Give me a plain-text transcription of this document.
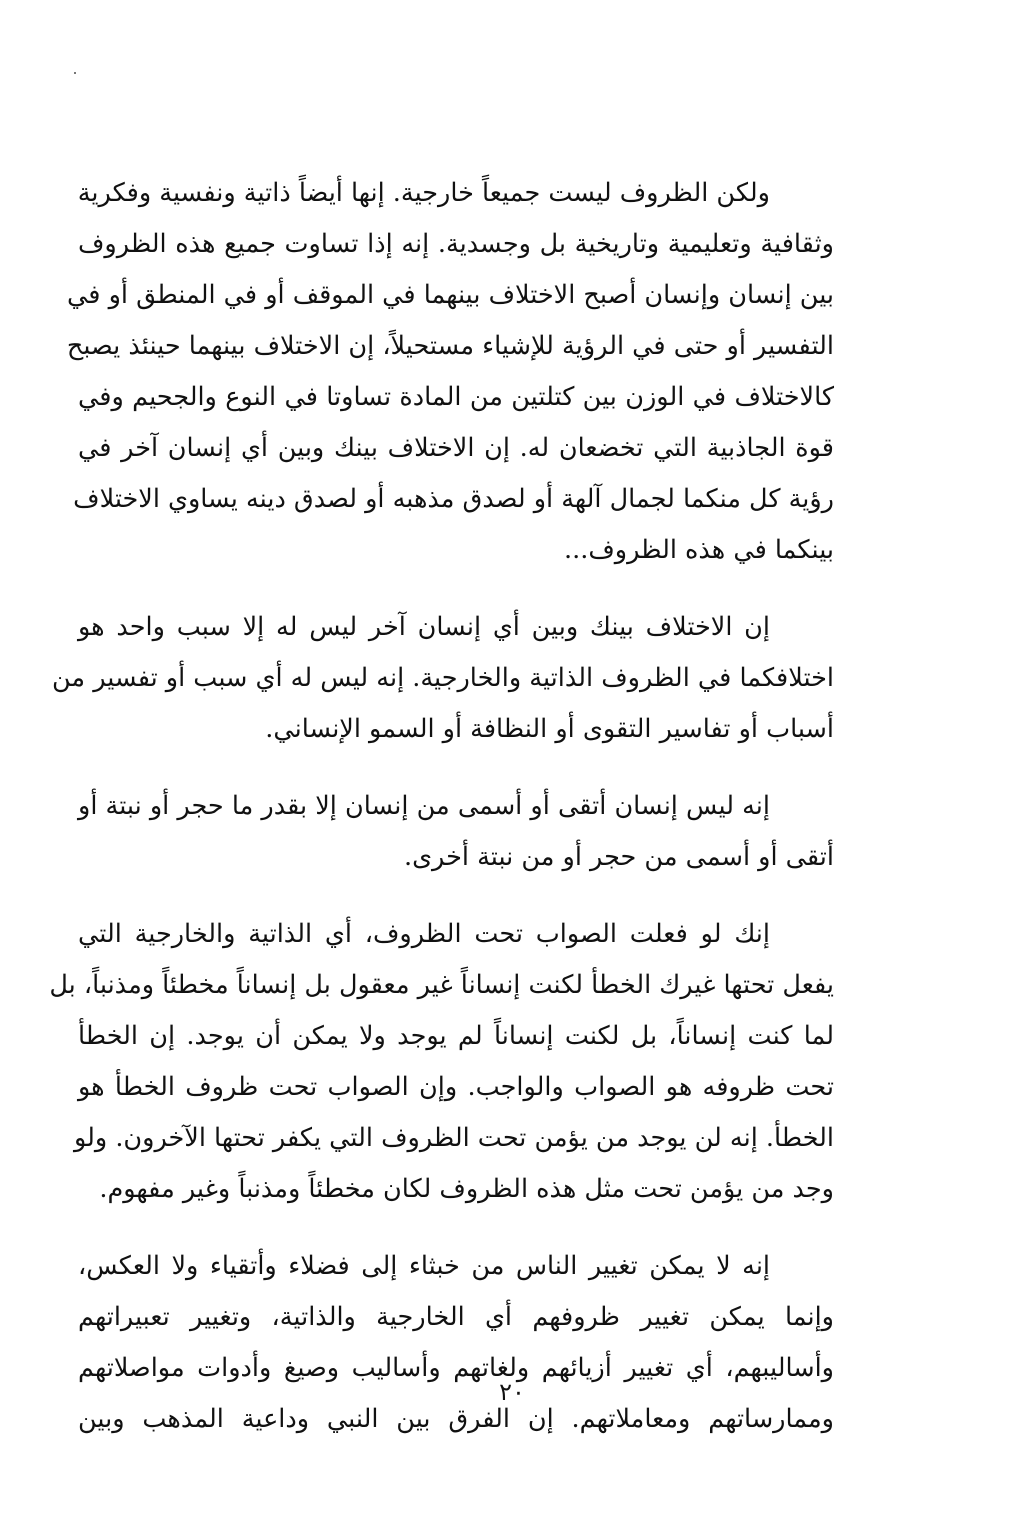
ولكن الظروف ليست جميعاً خارجية. إنها أيضاً ذاتية ونفسية وفكرية
وثقافية وتعليمية وتاريخية بل وجسدية. إنه إذا تساوت جميع هذه الظروف
بين إنسان وإنسان أصبح الاختلاف بينهما في الموقف أو في المنطق أو في
التفسير أو حتى في الرؤية للإشياء مستحيلاً، إن الاختلاف بينهما حينئذ يصبح
كالاختلاف في الوزن بين كتلتين من المادة تساوتا في النوع والجحيم وفي
قوة الجاذبية التي تخضعان له. إن الاختلاف بينك وبين أي إنسان آخر في
رؤية كل منكما لجمال آلهة أو لصدق مذهبه أو لصدق دينه يساوي الاختلاف
بينكما في هذه الظروف...
إن الاختلاف بينك وبين أي إنسان آخر ليس له إلا سبب واحد هو
اختلافكما في الظروف الذاتية والخارجية. إنه ليس له أي سبب أو تفسير من
أسباب أو تفاسير التقوى أو النظافة أو السمو الإنساني.
إنه ليس إنسان أتقى أو أسمى من إنسان إلا بقدر ما حجر أو نبتة أو
أتقى أو أسمى من حجر أو من نبتة أخرى.
إنك لو فعلت الصواب تحت الظروف، أي الذاتية والخارجية التي
يفعل تحتها غيرك الخطأ لكنت إنساناً غير معقول بل إنساناً مخطئاً ومذنباً، بل
لما كنت إنساناً، بل لكنت إنساناً لم يوجد ولا يمكن أن يوجد. إن الخطأ
تحت ظروفه هو الصواب والواجب. وإن الصواب تحت ظروف الخطأ هو
الخطأ. إنه لن يوجد من يؤمن تحت الظروف التي يكفر تحتها الآخرون. ولو
وجد من يؤمن تحت مثل هذه الظروف لكان مخطئاً ومذنباً وغير مفهوم.
إنه لا يمكن تغيير الناس من خبثاء إلى فضلاء وأتقياء ولا العكس،
وإنما يمكن تغيير ظروفهم أي الخارجية والذاتية، وتغيير تعبيراتهم
وأساليبهم، أي تغيير أزيائهم ولغاتهم وأساليب وصيغ وأدوات مواصلاتهم
وممارساتهم ومعاملاتهم. إن الفرق بين النبي وداعية المذهب وبين
٢٠
